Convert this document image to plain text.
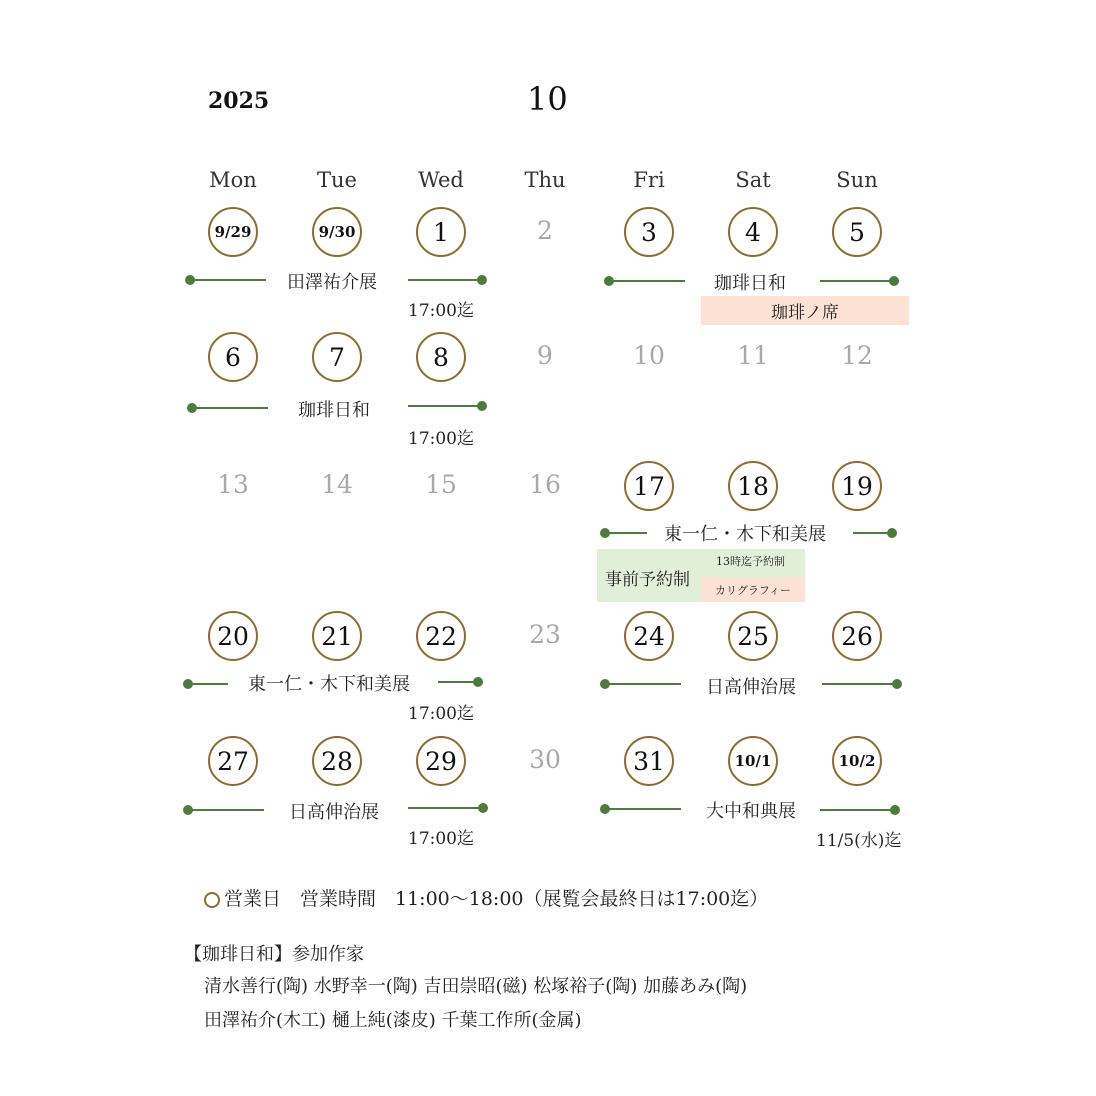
2025	10
Mon	Tue	Wed	Thu	Fri	Sat	Sun
9/29	9/30	1	2	3	4	5
田澤祐介展
17:00迄
珈琲日和
珈琲ノ席
6	7	8	9	10	11	12
珈琲日和
17:00迄
13	14	15	16	17	18	19
東一仁・木下和美展
事前予約制
13時迄予約制
カリグラフィー
20	21	22	23	24	25	26
東一仁・木下和美展
17:00迄
日高伸治展
27	28	29	30	31	10/1	10/2
日高伸治展
17:00迄
大中和典展
11/5(水)迄
営業日　営業時間　11:00〜18:00（展覧会最終日は17:00迄）
【珈琲日和】参加作家
清水善行(陶) 水野幸一(陶) 吉田崇昭(磁) 松塚裕子(陶) 加藤あみ(陶)
田澤祐介(木工) 樋上純(漆皮) 千葉工作所(金属)
